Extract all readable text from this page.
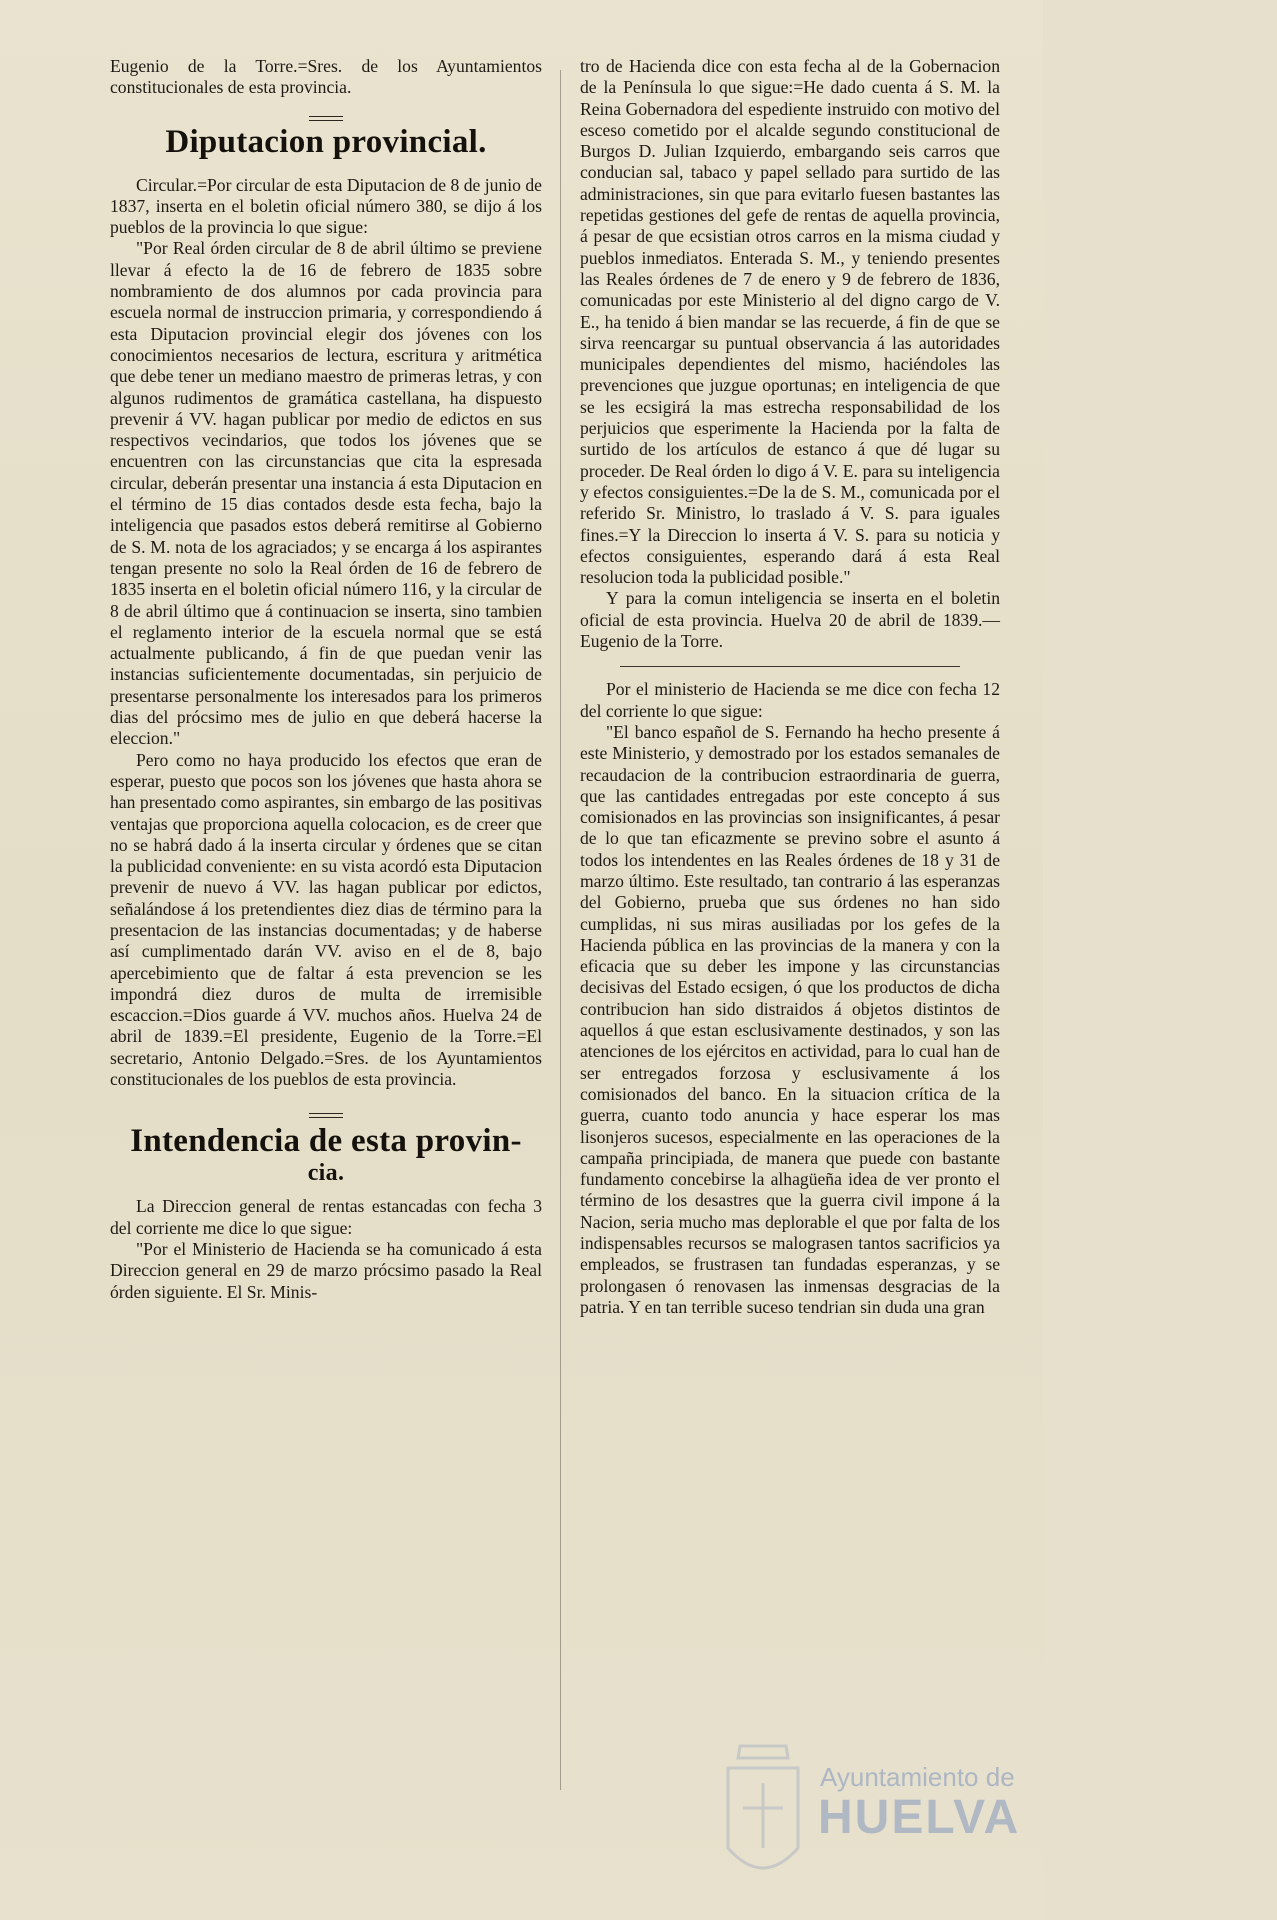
Eugenio de la Torre.=Sres. de los Ayuntamientos constitucionales de esta provincia.

Diputacion provincial.

Circular.=Por circular de esta Diputacion de 8 de junio de 1837, inserta en el boletin oficial número 380, se dijo á los pueblos de la provincia lo que sigue:

"Por Real órden circular de 8 de abril último se previene llevar á efecto la de 16 de febrero de 1835 sobre nombramiento de dos alumnos por cada provincia para escuela normal de instruccion primaria, y correspondiendo á esta Diputacion provincial elegir dos jóvenes con los conocimientos necesarios de lectura, escritura y aritmética que debe tener un mediano maestro de primeras letras, y con algunos rudimentos de gramática castellana, ha dispuesto prevenir á VV. hagan publicar por medio de edictos en sus respectivos vecindarios, que todos los jóvenes que se encuentren con las circunstancias que cita la espresada circular, deberán presentar una instancia á esta Diputacion en el término de 15 dias contados desde esta fecha, bajo la inteligencia que pasados estos deberá remitirse al Gobierno de S. M. nota de los agraciados; y se encarga á los aspirantes tengan presente no solo la Real órden de 16 de febrero de 1835 inserta en el boletin oficial número 116, y la circular de 8 de abril último que á continuacion se inserta, sino tambien el reglamento interior de la escuela normal que se está actualmente publicando, á fin de que puedan venir las instancias suficientemente documentadas, sin perjuicio de presentarse personalmente los interesados para los primeros dias del prócsimo mes de julio en que deberá hacerse la eleccion."

Pero como no haya producido los efectos que eran de esperar, puesto que pocos son los jóvenes que hasta ahora se han presentado como aspirantes, sin embargo de las positivas ventajas que proporciona aquella colocacion, es de creer que no se habrá dado á la inserta circular y órdenes que se citan la publicidad conveniente: en su vista acordó esta Diputacion prevenir de nuevo á VV. las hagan publicar por edictos, señalándose á los pretendientes diez dias de término para la presentacion de las instancias documentadas; y de haberse así cumplimentado darán VV. aviso en el de 8, bajo apercebimiento que de faltar á esta prevencion se les impondrá diez duros de multa de irremisible escaccion.=Dios guarde á VV. muchos años. Huelva 24 de abril de 1839.=El presidente, Eugenio de la Torre.=El secretario, Antonio Delgado.=Sres. de los Ayuntamientos constitucionales de los pueblos de esta provincia.

Intendencia de esta provin-
cia.

La Direccion general de rentas estancadas con fecha 3 del corriente me dice lo que sigue:

"Por el Ministerio de Hacienda se ha comunicado á esta Direccion general en 29 de marzo prócsimo pasado la Real órden siguiente. El Sr. Minis-

tro de Hacienda dice con esta fecha al de la Gobernacion de la Península lo que sigue:=He dado cuenta á S. M. la Reina Gobernadora del espediente instruido con motivo del esceso cometido por el alcalde segundo constitucional de Burgos D. Julian Izquierdo, embargando seis carros que conducian sal, tabaco y papel sellado para surtido de las administraciones, sin que para evitarlo fuesen bastantes las repetidas gestiones del gefe de rentas de aquella provincia, á pesar de que ecsistian otros carros en la misma ciudad y pueblos inmediatos. Enterada S. M., y teniendo presentes las Reales órdenes de 7 de enero y 9 de febrero de 1836, comunicadas por este Ministerio al del digno cargo de V. E., ha tenido á bien mandar se las recuerde, á fin de que se sirva reencargar su puntual observancia á las autoridades municipales dependientes del mismo, haciéndoles las prevenciones que juzgue oportunas; en inteligencia de que se les ecsigirá la mas estrecha responsabilidad de los perjuicios que esperimente la Hacienda por la falta de surtido de los artículos de estanco á que dé lugar su proceder. De Real órden lo digo á V. E. para su inteligencia y efectos consiguientes.=De la de S. M., comunicada por el referido Sr. Ministro, lo traslado á V. S. para iguales fines.=Y la Direccion lo inserta á V. S. para su noticia y efectos consiguientes, esperando dará á esta Real resolucion toda la publicidad posible."

Y para la comun inteligencia se inserta en el boletin oficial de esta provincia. Huelva 20 de abril de 1839.—Eugenio de la Torre.

Por el ministerio de Hacienda se me dice con fecha 12 del corriente lo que sigue:

"El banco español de S. Fernando ha hecho presente á este Ministerio, y demostrado por los estados semanales de recaudacion de la contribucion estraordinaria de guerra, que las cantidades entregadas por este concepto á sus comisionados en las provincias son insignificantes, á pesar de lo que tan eficazmente se previno sobre el asunto á todos los intendentes en las Reales órdenes de 18 y 31 de marzo último. Este resultado, tan contrario á las esperanzas del Gobierno, prueba que sus órdenes no han sido cumplidas, ni sus miras ausiliadas por los gefes de la Hacienda pública en las provincias de la manera y con la eficacia que su deber les impone y las circunstancias decisivas del Estado ecsigen, ó que los productos de dicha contribucion han sido distraidos á objetos distintos de aquellos á que estan esclusivamente destinados, y son las atenciones de los ejércitos en actividad, para lo cual han de ser entregados forzosa y esclusivamente á los comisionados del banco. En la situacion crítica de la guerra, cuanto todo anuncia y hace esperar los mas lisonjeros sucesos, especialmente en las operaciones de la campaña principiada, de manera que puede con bastante fundamento concebirse la alhagüeña idea de ver pronto el término de los desastres que la guerra civil impone á la Nacion, seria mucho mas deplorable el que por falta de los indispensables recursos se malograsen tantos sacrificios ya empleados, se frustrasen tan fundadas esperanzas, y se prolongasen ó renovasen las inmensas desgracias de la patria. Y en tan terrible suceso tendrian sin duda una gran

Ayuntamiento de
HUELVA
